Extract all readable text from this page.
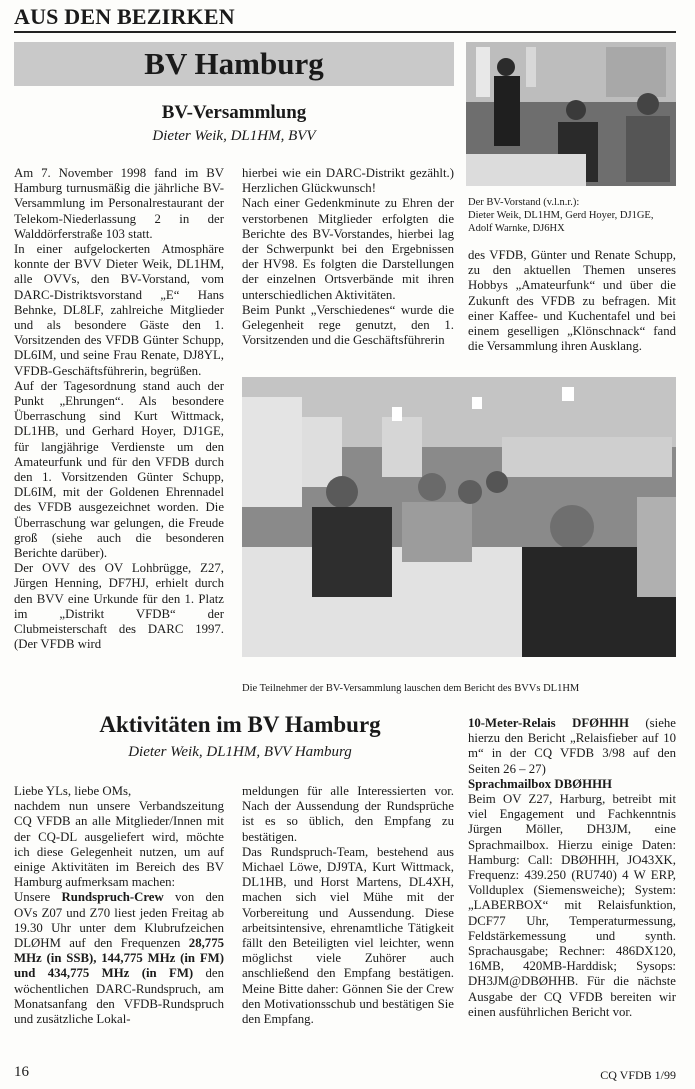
AUS DEN BEZIRKEN
BV Hamburg
BV-Versammlung
Dieter Weik, DL1HM, BVV
Der BV-Vorstand (v.l.n.r.):
Dieter Weik, DL1HM, Gerd Hoyer, DJ1GE,
Adolf Warnke, DJ6HX

Am 7. November 1998 fand im BV Hamburg turnusmäßig die jährliche BV-Versammlung im Personalrestaurant der Telekom-Niederlassung 2 in der Walddörferstraße 103 statt.

In einer aufgelockerten Atmosphäre konnte der BVV Dieter Weik, DL1HM, alle OVVs, den BV-Vorstand, vom DARC-Distriktsvorstand „E“ Hans Behnke, DL8LF, zahlreiche Mitglieder und als besondere Gäste den 1. Vorsitzenden des VFDB Günter Schupp, DL6IM, und seine Frau Renate, DJ8YL, VFDB-Geschäftsführerin, begrüßen.

Auf der Tagesordnung stand auch der Punkt „Ehrungen“. Als besondere Überraschung sind Kurt Wittmack, DL1HB, und Gerhard Hoyer, DJ1GE, für langjährige Verdienste um den Amateurfunk und für den VFDB durch den 1. Vorsitzenden Günter Schupp, DL6IM, mit der Goldenen Ehrennadel des VFDB ausgezeichnet worden. Die Überraschung war gelungen, die Freude groß (siehe auch die besonderen Berichte darüber).

Der OVV des OV Lohbrügge, Z27, Jürgen Henning, DF7HJ, erhielt durch den BVV eine Urkunde für den 1. Platz im „Distrikt VFDB“ der Clubmeisterschaft des DARC 1997. (Der VFDB wird

hierbei wie ein DARC-Distrikt gezählt.) Herzlichen Glückwunsch!

Nach einer Gedenkminute zu Ehren der verstorbenen Mitglieder erfolgten die Berichte des BV-Vorstandes, hierbei lag der Schwerpunkt bei den Ergebnissen der HV98. Es folgten die Darstellungen der einzelnen Ortsverbände mit ihren unterschiedlichen Aktivitäten.

Beim Punkt „Verschiedenes“ wurde die Gelegenheit rege genutzt, den 1. Vorsitzenden und die Geschäftsführerin

des VFDB, Günter und Renate Schupp, zu den aktuellen Themen unseres Hobbys „Amateurfunk“ und über die Zukunft des VFDB zu befragen. Mit einer Kaffee- und Kuchentafel und bei einem geselligen „Klönschnack“ fand die Versammlung ihren Ausklang.

Die Teilnehmer der BV-Versammlung lauschen dem Bericht des BVVs DL1HM
Aktivitäten im BV Hamburg
Dieter Weik, DL1HM, BVV Hamburg

Liebe YLs, liebe OMs,

nachdem nun unsere Verbandszeitung CQ VFDB an alle Mitglieder/Innen mit der CQ-DL ausgeliefert wird, möchte ich diese Gelegenheit nutzen, um auf einige Aktivitäten im Bereich des BV Hamburg aufmerksam machen:

Unsere Rundspruch-Crew von den OVs Z07 und Z70 liest jeden Freitag ab 19.30 Uhr unter dem Klubrufzeichen DLØHM auf den Frequenzen 28,775 MHz (in SSB), 144,775 MHz (in FM) und 434,775 MHz (in FM) den wöchentlichen DARC-Rundspruch, am Monatsanfang den VFDB-Rundspruch und zusätzliche Lokal-

meldungen für alle Interessierten vor. Nach der Aussendung der Rundsprüche ist es so üblich, den Empfang zu bestätigen.

Das Rundspruch-Team, bestehend aus Michael Löwe, DJ9TA, Kurt Wittmack, DL1HB, und Horst Martens, DL4XH, machen sich viel Mühe mit der Vorbereitung und Aussendung. Diese arbeitsintensive, ehrenamtliche Tätigkeit fällt den Beteiligten viel leichter, wenn möglichst viele Zuhörer auch anschließend den Empfang bestätigen. Meine Bitte daher: Gönnen Sie der Crew den Motivationsschub und bestätigen Sie den Empfang.

10-Meter-Relais DFØHHH (siehe hierzu den Bericht „Relaisfieber auf 10 m“ in der CQ VFDB 3/98 auf den Seiten 26 – 27)

Sprachmailbox DBØHHH

Beim OV Z27, Harburg, betreibt mit viel Engagement und Fachkenntnis Jürgen Möller, DH3JM, eine Sprachmailbox. Hierzu einige Daten: Hamburg: Call: DBØHHH, JO43XK, Frequenz: 439.250 (RU740) 4 W ERP, Vollduplex (Siemensweiche); System: „LABERBOX“ mit Relaisfunktion, DCF77 Uhr, Temperaturmessung, Feldstärkemessung und synth. Sprachausgabe; Rechner: 486DX120, 16MB, 420MB-Harddisk; Sysops: DH3JM@DBØHHB. Für die nächste Ausgabe der CQ VFDB bereiten wir einen ausführlichen Bericht vor.

16	CQ VFDB 1/99
